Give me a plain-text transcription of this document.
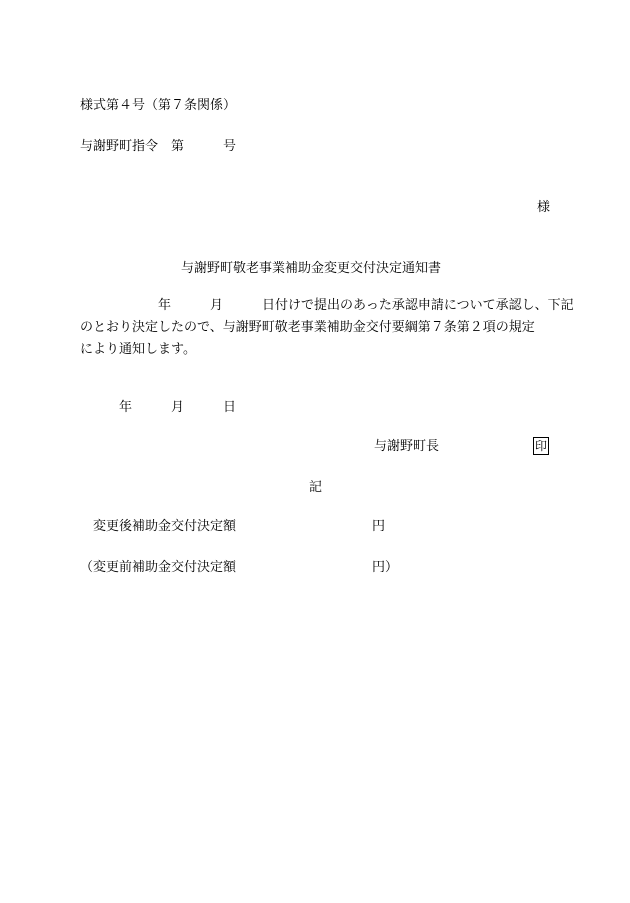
様式第４号（第７条関係）
与謝野町指令　第　　　号
様
与謝野町敬老事業補助金変更交付決定通知書
　　　　　　年　　　月　　　日付けで提出のあった承認申請について承認し、下記
のとおり決定したので、与謝野町敬老事業補助金交付要綱第７条第２項の規定
により通知します。
　　年　　　月　　　日
与謝野町長	印
記
変更後補助金交付決定額	円
（変更前補助金交付決定額	円）
